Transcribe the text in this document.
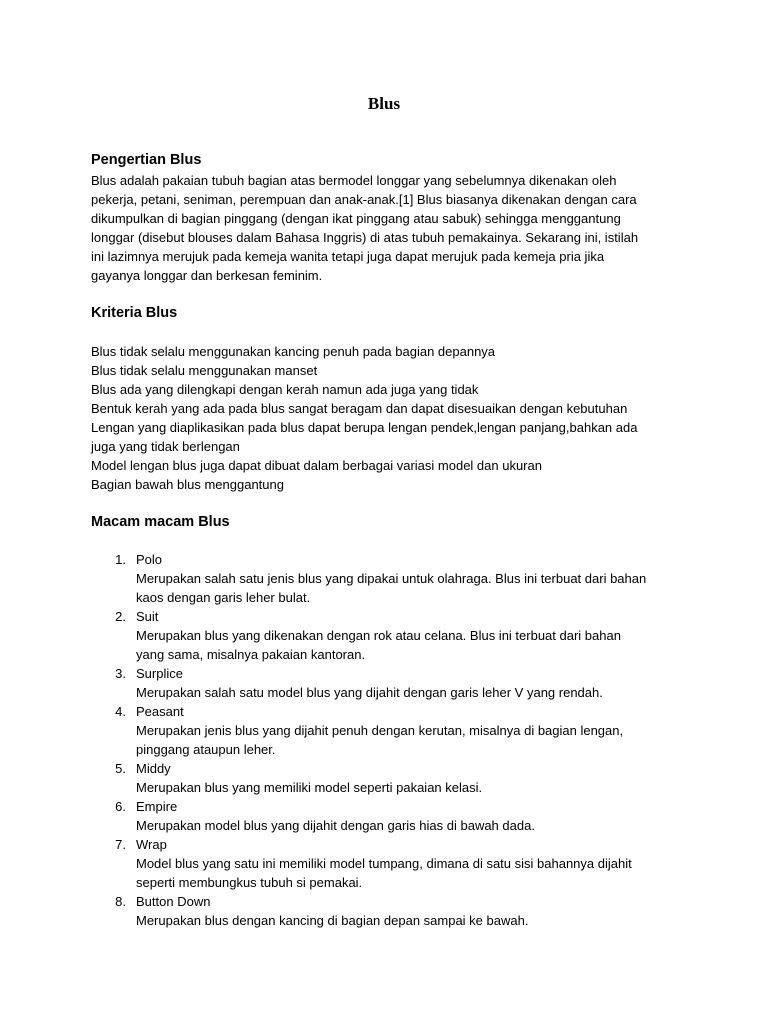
Blus
Pengertian Blus
Blus adalah pakaian tubuh bagian atas bermodel longgar yang sebelumnya dikenakan oleh
pekerja, petani, seniman, perempuan dan anak-anak.[1] Blus biasanya dikenakan dengan cara
dikumpulkan di bagian pinggang (dengan ikat pinggang atau sabuk) sehingga menggantung
longgar (disebut blouses dalam Bahasa Inggris) di atas tubuh pemakainya. Sekarang ini, istilah
ini lazimnya merujuk pada kemeja wanita tetapi juga dapat merujuk pada kemeja pria jika
gayanya longgar dan berkesan feminim.
Kriteria Blus
Blus tidak selalu menggunakan kancing penuh pada bagian depannya
Blus tidak selalu menggunakan manset
Blus ada yang dilengkapi dengan kerah namun ada juga yang tidak
Bentuk kerah yang ada pada blus sangat beragam dan dapat disesuaikan dengan kebutuhan
Lengan yang diaplikasikan pada blus dapat berupa lengan pendek,lengan panjang,bahkan ada
juga yang tidak berlengan
Model lengan blus juga dapat dibuat dalam berbagai variasi model dan ukuran
Bagian bawah blus menggantung
Macam macam Blus
1. Polo
Merupakan salah satu jenis blus yang dipakai untuk olahraga. Blus ini terbuat dari bahan
kaos dengan garis leher bulat.
2. Suit
Merupakan blus yang dikenakan dengan rok atau celana. Blus ini terbuat dari bahan
yang sama, misalnya pakaian kantoran.
3. Surplice
Merupakan salah satu model blus yang dijahit dengan garis leher V yang rendah.
4. Peasant
Merupakan jenis blus yang dijahit penuh dengan kerutan, misalnya di bagian lengan,
pinggang ataupun leher.
5. Middy
Merupakan blus yang memiliki model seperti pakaian kelasi.
6. Empire
Merupakan model blus yang dijahit dengan garis hias di bawah dada.
7. Wrap
Model blus yang satu ini memiliki model tumpang, dimana di satu sisi bahannya dijahit
seperti membungkus tubuh si pemakai.
8. Button Down
Merupakan blus dengan kancing di bagian depan sampai ke bawah.
